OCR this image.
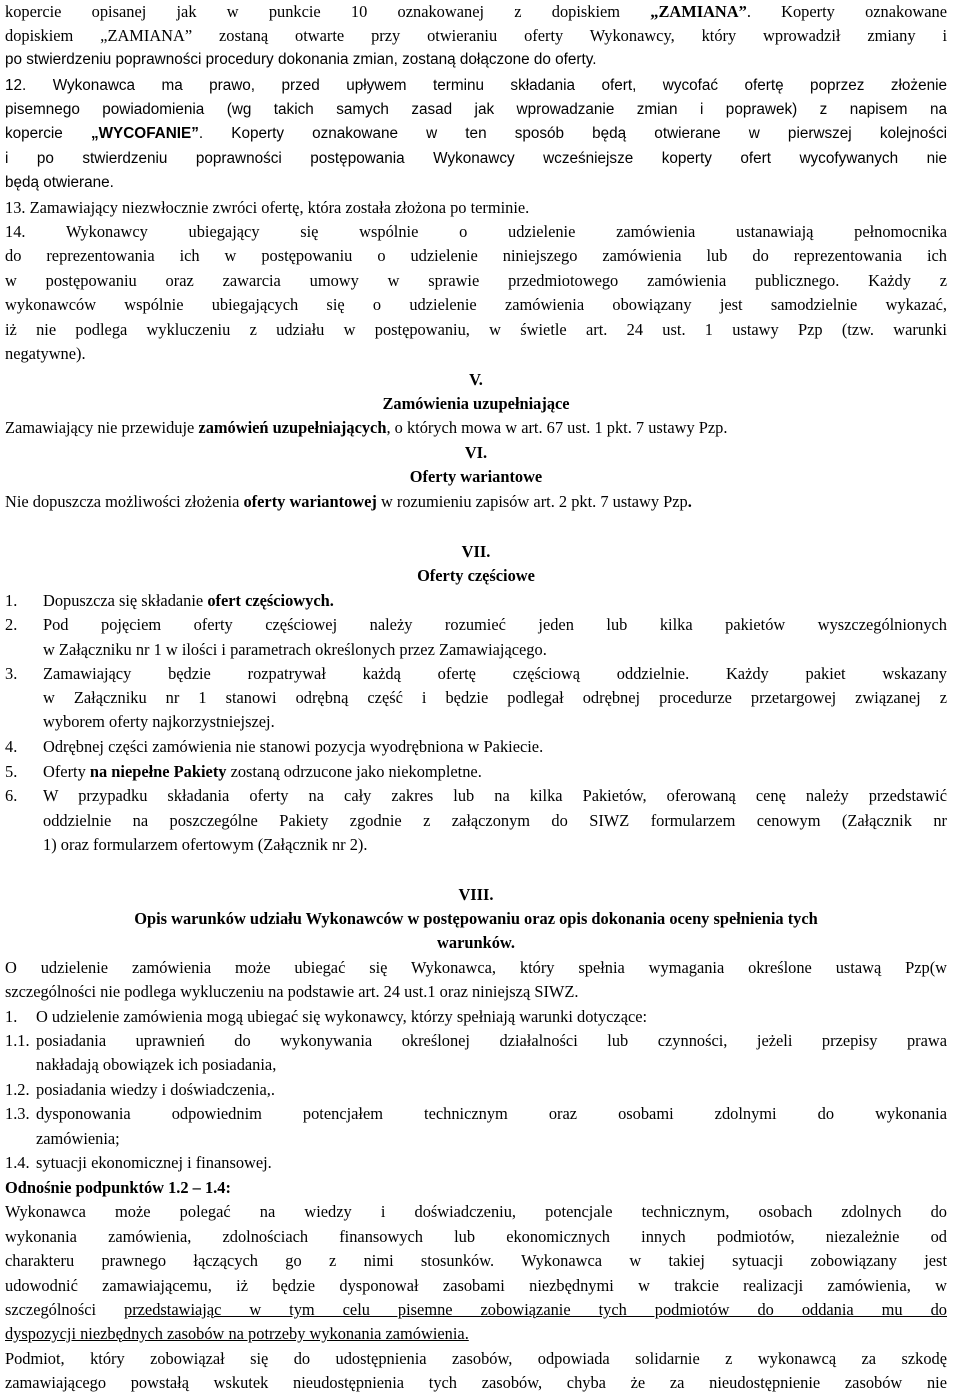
kopercie opisanej jak w punkcie 10 oznakowanej z dopiskiem „ZAMIANA”. Koperty oznakowane
dopiskiem „ZAMIANA” zostaną otwarte przy otwieraniu oferty Wykonawcy, który wprowadził zmiany i
po stwierdzeniu poprawności procedury dokonania zmian, zostaną dołączone do oferty.
12. Wykonawca ma prawo, przed upływem terminu składania ofert, wycofać ofertę poprzez złożenie
pisemnego powiadomienia (wg takich samych zasad jak wprowadzanie zmian i poprawek) z napisem na
kopercie „WYCOFANIE”. Koperty oznakowane w ten sposób będą otwierane w pierwszej kolejności
i po stwierdzeniu poprawności postępowania Wykonawcy wcześniejsze koperty ofert wycofywanych nie
będą otwierane.
13. Zamawiający niezwłocznie zwróci ofertę, która została złożona po terminie.
14. Wykonawcy ubiegający się wspólnie o udzielenie zamówienia ustanawiają pełnomocnika
do reprezentowania ich w postępowaniu o udzielenie niniejszego zamówienia lub do reprezentowania ich
w postępowaniu oraz zawarcia umowy w sprawie przedmiotowego zamówienia publicznego. Każdy z
wykonawców wspólnie ubiegających się o udzielenie zamówienia obowiązany jest samodzielnie wykazać,
iż nie podlega wykluczeniu z udziału w postępowaniu, w świetle art. 24 ust. 1 ustawy Pzp (tzw. warunki
negatywne).
V.
Zamówienia uzupełniające
Zamawiający nie przewiduje zamówień uzupełniających, o których mowa w art. 67 ust. 1 pkt. 7 ustawy Pzp.
VI.
Oferty wariantowe
Nie dopuszcza możliwości złożenia oferty wariantowej w rozumieniu zapisów art. 2 pkt. 7 ustawy Pzp.
VII.
Oferty częściowe
1. Dopuszcza się składanie ofert częściowych.
2. Pod pojęciem oferty częściowej należy rozumieć jeden lub kilka pakietów wyszczególnionych
w Załączniku nr 1 w ilości i parametrach określonych przez Zamawiającego.
3. Zamawiający będzie rozpatrywał każdą ofertę częściową oddzielnie. Każdy pakiet wskazany
w Załączniku nr 1 stanowi odrębną część i będzie podlegał odrębnej procedurze przetargowej związanej z
wyborem oferty najkorzystniejszej.
4. Odrębnej części zamówienia nie stanowi pozycja wyodrębniona w Pakiecie.
5. Oferty na niepełne Pakiety zostaną odrzucone jako niekompletne.
6. W przypadku składania oferty na cały zakres lub na kilka Pakietów, oferowaną cenę należy przedstawić
oddzielnie na poszczególne Pakiety zgodnie z załączonym do SIWZ formularzem cenowym (Załącznik nr
1) oraz formularzem ofertowym (Załącznik nr 2).
VIII.
Opis warunków udziału Wykonawców w postępowaniu oraz opis dokonania oceny spełnienia tych
warunków.
O udzielenie zamówienia może ubiegać się Wykonawca, który spełnia wymagania określone ustawą Pzp(w
szczególności nie podlega wykluczeniu na podstawie art. 24 ust.1 oraz niniejszą SIWZ.
1. O udzielenie zamówienia mogą ubiegać się wykonawcy, którzy spełniają warunki dotyczące:
1.1. posiadania uprawnień do wykonywania określonej działalności lub czynności, jeżeli przepisy prawa
nakładają obowiązek ich posiadania,
1.2. posiadania wiedzy i doświadczenia,.
1.3. dysponowania odpowiednim potencjałem technicznym oraz osobami zdolnymi do wykonania
zamówienia;
1.4. sytuacji ekonomicznej i finansowej.
Odnośnie podpunktów 1.2 – 1.4:
Wykonawca może polegać na wiedzy i doświadczeniu, potencjale technicznym, osobach zdolnych do
wykonania zamówienia, zdolnościach finansowych lub ekonomicznych innych podmiotów, niezależnie od
charakteru prawnego łączących go z nimi stosunków. Wykonawca w takiej sytuacji zobowiązany jest
udowodnić zamawiającemu, iż będzie dysponował zasobami niezbędnymi w trakcie realizacji zamówienia, w
szczególności przedstawiając w tym celu pisemne zobowiązanie tych podmiotów do oddania mu do
dyspozycji niezbędnych zasobów na potrzeby wykonania zamówienia.
Podmiot, który zobowiązał się do udostępnienia zasobów, odpowiada solidarnie z wykonawcą za szkodę
zamawiającego powstałą wskutek nieudostępnienia tych zasobów, chyba że za nieudostępnienie zasobów nie
